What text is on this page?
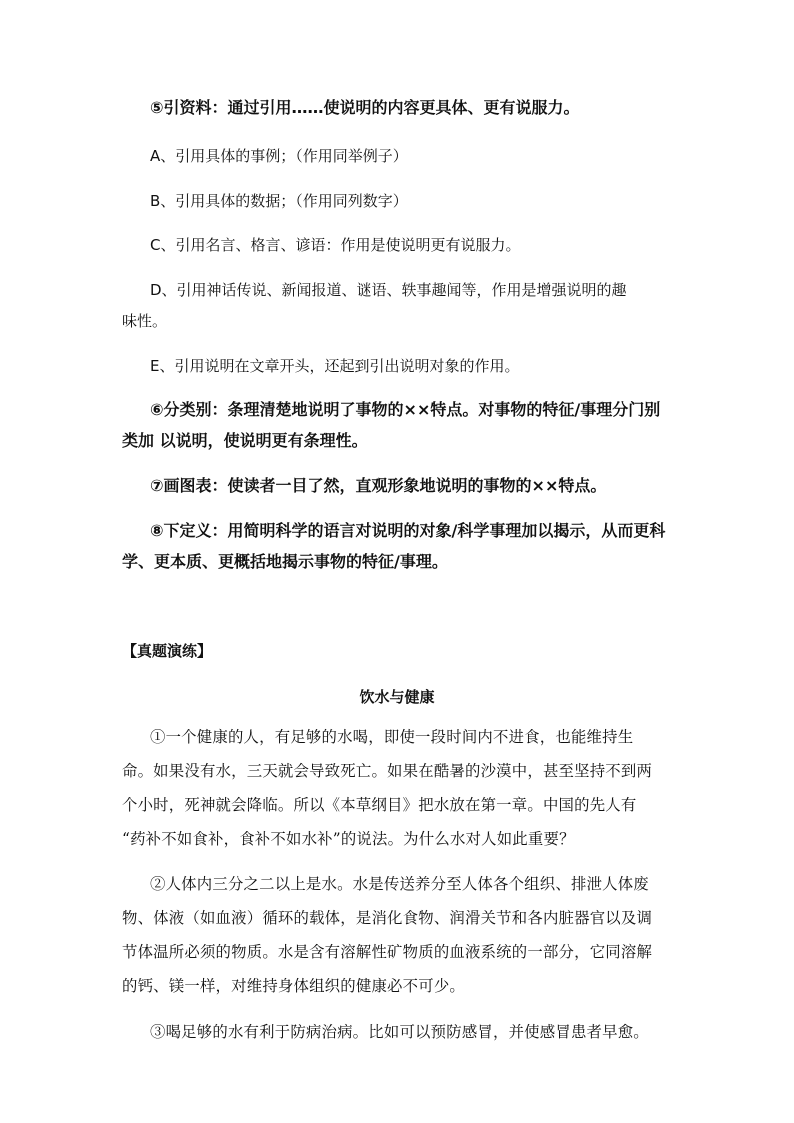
⑤引资料：通过引用……使说明的内容更具体、更有说服力。
A、引用具体的事例；（作用同举例子）
B、引用具体的数据；（作用同列数字）
C、引用名言、格言、谚语：作用是使说明更有说服力。
D、引用神话传说、新闻报道、谜语、轶事趣闻等，作用是增强说明的趣
味性。
E、引用说明在文章开头，还起到引出说明对象的作用。
⑥分类别：条理清楚地说明了事物的××特点。对事物的特征/事理分门别
类加 以说明，使说明更有条理性。
⑦画图表：使读者一目了然，直观形象地说明的事物的××特点。
⑧下定义：用简明科学的语言对说明的对象/科学事理加以揭示，从而更科
学、更本质、更概括地揭示事物的特征/事理。
【真题演练】
饮水与健康
①一个健康的人，有足够的水喝，即使一段时间内不进食，也能维持生
命。如果没有水，三天就会导致死亡。如果在酷暑的沙漠中，甚至坚持不到两
个小时，死神就会降临。所以《本草纲目》把水放在第一章。中国的先人有
“药补不如食补，食补不如水补”的说法。为什么水对人如此重要？
②人体内三分之二以上是水。水是传送养分至人体各个组织、排泄人体废
物、体液（如血液）循环的载体，是消化食物、润滑关节和各内脏器官以及调
节体温所必须的物质。水是含有溶解性矿物质的血液系统的一部分，它同溶解
的钙、镁一样，对维持身体组织的健康必不可少。
③喝足够的水有利于防病治病。比如可以预防感冒，并使感冒患者早愈。
